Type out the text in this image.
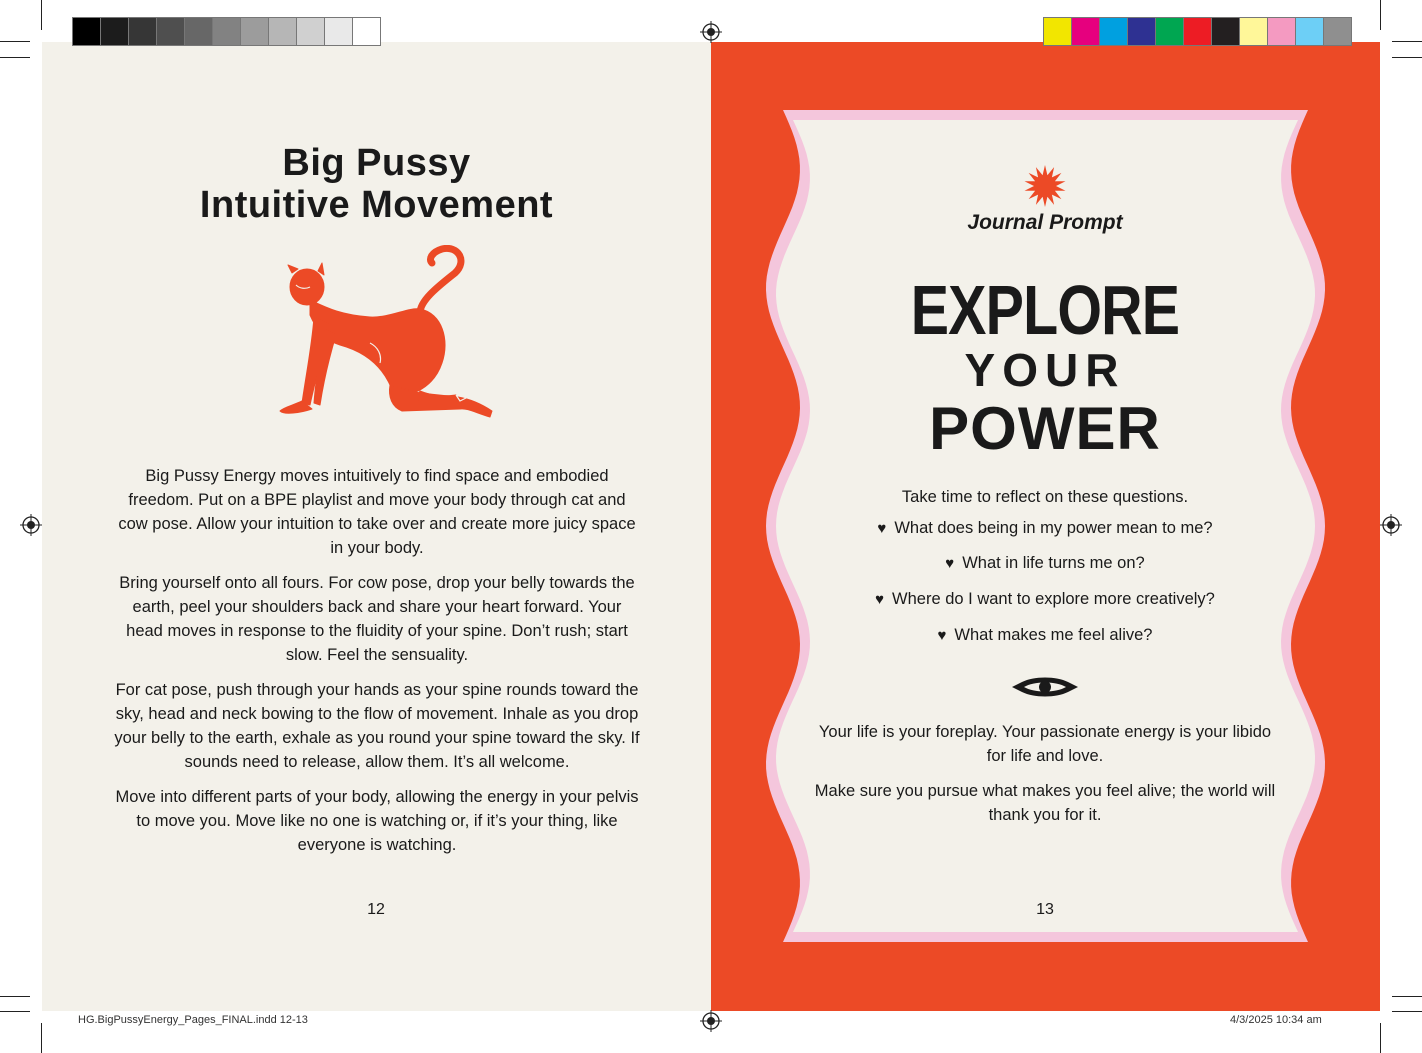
Big Pussy
Intuitive Movement

Big Pussy Energy moves intuitively to find space and embodied freedom. Put on a BPE playlist and move your body through cat and cow pose. Allow your intuition to take over and create more juicy space in your body.

Bring yourself onto all fours. For cow pose, drop your belly towards the earth, peel your shoulders back and share your heart forward. Your head moves in response to the fluidity of your spine. Don’t rush; start slow. Feel the sensuality.

For cat pose, push through your hands as your spine rounds toward the sky, head and neck bowing to the flow of movement. Inhale as you drop your belly to the earth, exhale as you round your spine toward the sky. If sounds need to release, allow them. It’s all welcome.

Move into different parts of your body, allowing the energy in your pelvis to move you. Move like no one is watching or, if it’s your thing, like everyone is watching.

12
Journal Prompt
EXPLORE
YOUR
POWER
Take time to reflect on these questions.
♥ What does being in my power mean to me?
♥ What in life turns me on?
♥ Where do I want to explore more creatively?
♥ What makes me feel alive?
Your life is your foreplay. Your passionate energy is your libido for life and love.
Make sure you pursue what makes you feel alive; the world will thank you for it.
13
HG.BigPussyEnergy_Pages_FINAL.indd 12-13	4/3/2025 10:34 am
